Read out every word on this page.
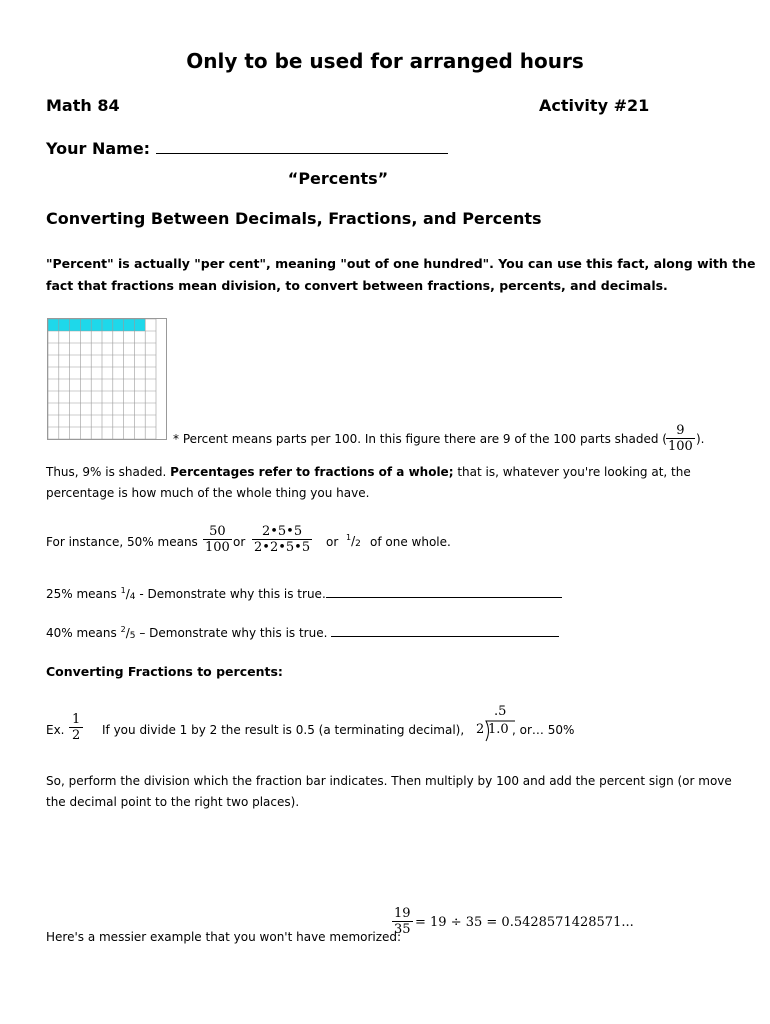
Only to be used for arranged hours
Math 84	Activity #21
Your Name:
“Percents”
Converting Between Decimals, Fractions, and Percents
"Percent" is actually "per cent", meaning "out of one hundred". You can use this fact, along with the
fact that fractions mean division, to convert between fractions, percents, and decimals.
* Percent means parts per 100. In this figure there are 9 of the 100 parts shaded (
9
100 ).
Thus, 9% is shaded. Percentages refer to fractions of a whole; that is, whatever you're looking at, the
percentage is how much of the whole thing you have.
For instance, 50% means
50
100 or
2•5•5
2•2•5•5 or $^1/_2$ of one whole.
25% means $^1/_4$ - Demonstrate why this is true.
40% means $^2/_5$ – Demonstrate why this is true.
Converting Fractions to percents:
Ex.
1
2 If you divide 1 by 2 the result is 0.5 (a terminating decimal),
.5
2 1.0 , or… 50%
So, perform the division which the fraction bar indicates. Then multiply by 100 and add the percent sign (or move
the decimal point to the right two places).
Here's a messier example that you won't have memorized:
19
35 = 19 ÷ 35 = 0.5428571428571...
